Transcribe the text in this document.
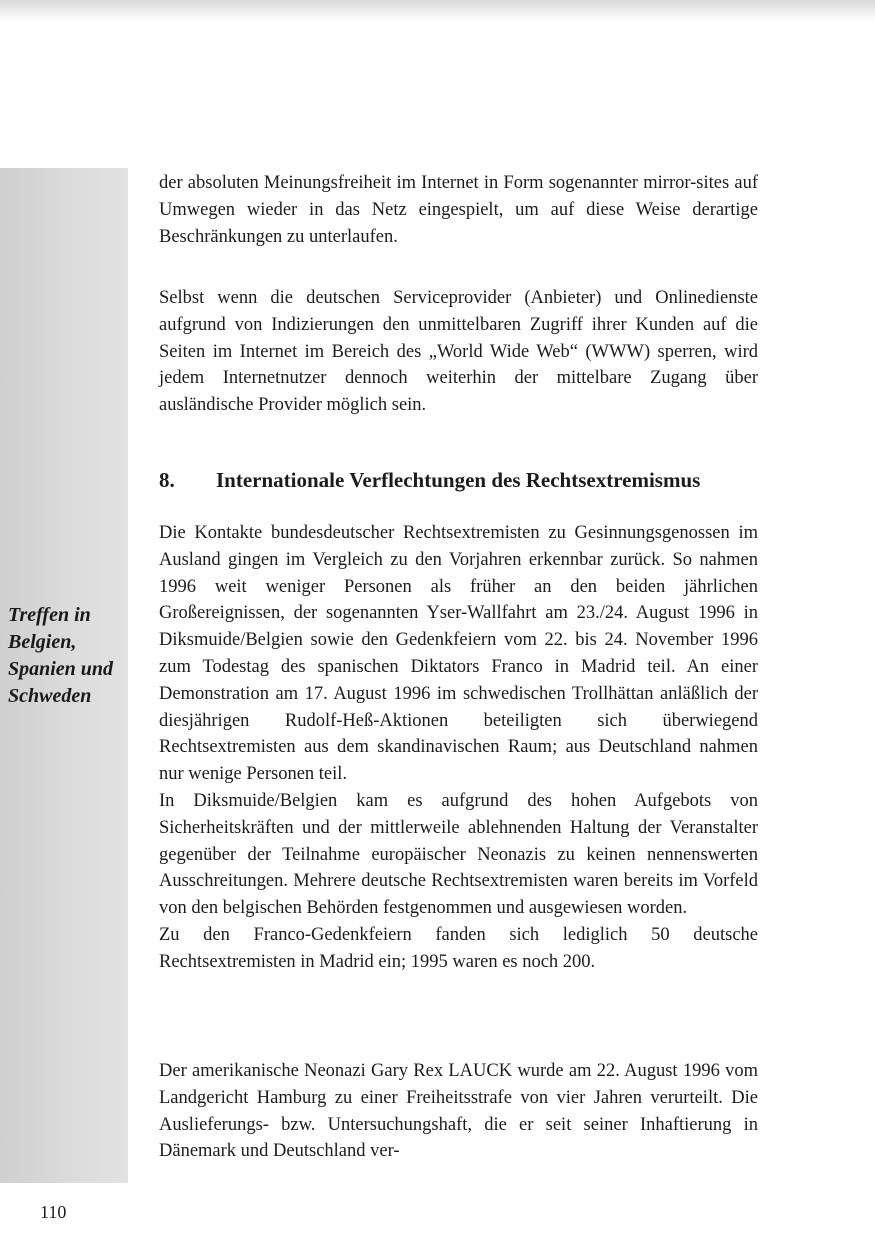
Treffen in
Belgien,
Spanien und
Schweden

der absoluten Meinungsfreiheit im Internet in Form sogenannter mirror-sites auf Umwegen wieder in das Netz eingespielt, um auf diese Weise derartige Beschränkungen zu unterlaufen.

Selbst wenn die deutschen Serviceprovider (Anbieter) und Onlinedienste aufgrund von Indizierungen den unmittelbaren Zugriff ihrer Kunden auf die Seiten im Internet im Bereich des „World Wide Web“ (WWW) sperren, wird jedem Internetnutzer dennoch weiterhin der mittelbare Zugang über ausländische Provider möglich sein.

8. Internationale Verflechtungen des Rechtsextremismus

Die Kontakte bundesdeutscher Rechtsextremisten zu Gesinnungsgenossen im Ausland gingen im Vergleich zu den Vorjahren erkennbar zurück. So nahmen 1996 weit weniger Personen als früher an den beiden jährlichen Großereignissen, der sogenannten Yser-Wallfahrt am 23./24. August 1996 in Diksmuide/Belgien sowie den Gedenkfeiern vom 22. bis 24. November 1996 zum Todestag des spanischen Diktators Franco in Madrid teil. An einer Demonstration am 17. August 1996 im schwedischen Trollhättan anläßlich der diesjährigen Rudolf-Heß-Aktionen beteiligten sich überwiegend Rechtsextremisten aus dem skandinavischen Raum; aus Deutschland nahmen nur wenige Personen teil.

In Diksmuide/Belgien kam es aufgrund des hohen Aufgebots von Sicherheitskräften und der mittlerweile ablehnenden Haltung der Veranstalter gegenüber der Teilnahme europäischer Neonazis zu keinen nennenswerten Ausschreitungen. Mehrere deutsche Rechtsextremisten waren bereits im Vorfeld von den belgischen Behörden festgenommen und ausgewiesen worden.

Zu den Franco-Gedenkfeiern fanden sich lediglich 50 deutsche Rechtsextremisten in Madrid ein; 1995 waren es noch 200.

Der amerikanische Neonazi Gary Rex LAUCK wurde am 22. August 1996 vom Landgericht Hamburg zu einer Freiheitsstrafe von vier Jahren verurteilt. Die Auslieferungs- bzw. Untersuchungshaft, die er seit seiner Inhaftierung in Dänemark und Deutschland ver-

110
